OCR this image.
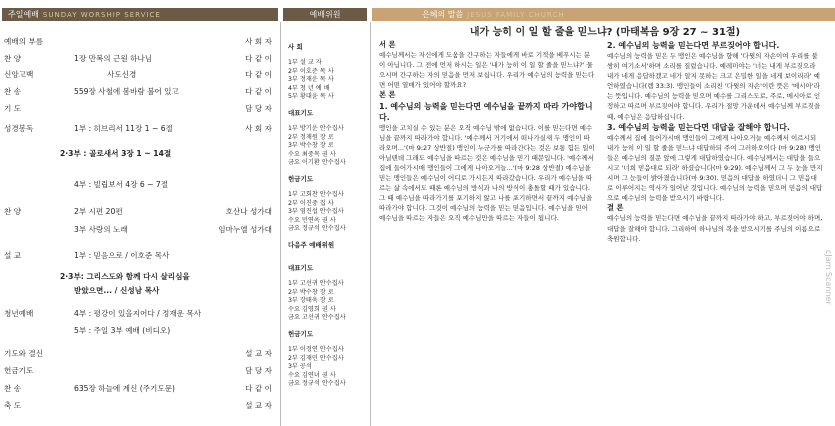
주일예배 SUNDAY WORSHIP SERVICE	예배위원	은혜의 말씀 JESUS FAMILY CHURCH
예배의 부름	사 회 자
찬 양	1장 만복의 근원 하나님	다 같 이
신앙고백	사도신경	다 같 이
찬 송	559장 사철에 봄바람 불어 있고	다 같 이
기 도	담 당 자
성경봉독	1부 : 히브리서 11장 1 ~ 6절	사 회 자
2·3부 : 골로새서 3장 1 ~ 14절
4부 : 빌립보서 4장 6 ~ 7절
찬 양	2부 시편 20편	호산나 성가대
3부 사랑의 노래	임마누엘 성가대
설 교	1부 : 믿음으로 / 이호준 목사
2·3부: 그리스도와 함께 다시 살리심을
받았으면... / 신성남 목사
청년예배	4부 : 평강이 있을지어다 / 정재운 목사
5부 : 주일 3부 예배 (비디오)
기도와 결신	설 교 자
헌금기도	담 당 자
찬 송	635장 하늘에 계신 (주기도문)	다 같 이
축 도	설 교 자
사 회
1부 설 교 자
2부 이호준 목 사
3부 정재운 목 사
4부 청 년 예 배
5부 황대윤 목 사
대표기도
1부 방기운 안수집사
2부 정재원 장 로
3부 박수창 장 로
수요 최중목 권 사
금요 이기환 안수집사
헌금기도
1부 고회찬 안수집사
2부 이진중 집 사
3부 염진섭 안수집사
수요 민연옥 권 사
금요 정규석 안수집사
다음주 예배위원
대표기도
1부 고선귀 안수집사
2부 박수창 장 로
3부 장태욱 장 로
수요 김영희 권 사
금요 고선귀 안수집사
헌금기도
1부 이정연 안수집사
2부 김재민 안수집사
3부 공석
수요 김연녀 권 사
금요 정규석 안수집사
내가 능히 이 일 할 줄을 믿느냐? (마태복음 9장 27 ~ 31절)

서 론

예수님께서는 자신에게 도움을 간구하는 자들에게 바로 기적을 베푸시는 분이 아닙니다. 그 전에 먼저 하시는 일은 '내가 능히 이 일 할 줄을 믿느냐?' 물으시며 간구하는 자의 믿음을 먼저 보십니다. 우리가 예수님의 능력을 믿는다면 어떤 열매가 있어야 할까요?

본 론

1. 예수님의 능력을 믿는다면 예수님을 끝까지 따라 가야합니다.

맹인을 고치실 수 있는 분은 오직 예수님 밖에 없습니다. 이를 믿는다면 예수님을 끝까지 따라가야 합니다. '예수께서 거기에서 떠나가실새 두 맹인이 따라오며...'(마 9:27 상반절) 맹인이 누군가를 따라간다는 것은 보통 힘든 일이 아닐텐데 그래도 예수님을 따르는 것은 예수님을 믿기 때문입니다. '예수께서 집에 들어가시매 맹인들이 그에게 나아오거늘...'(마 9:28 상반절) 예수님을 믿는 맹인들은 예수님이 어디로 가시든지 따라갔습니다. 우리가 예수님을 따르는 삶 속에서도 때론 예수님의 방식과 나의 방식이 충돌할 때가 있습니다. 그 때 예수님을 따라가기를 포기하지 않고 나를 포기하면서 끝까지 예수님을 따라가야 합니다. 그것이 예수님의 능력을 믿는 믿음입니다. 예수님을 믿어 예수님을 따르는 자들은 오직 예수님만을 따르는 자들이 됩니다.

2. 예수님의 능력을 믿는다면 부르짖어야 합니다.

예수님의 능력을 믿은 두 맹인은 예수님을 향해 '다윗의 자손이여 우리를 불쌍히 여기소서'하며 소리를 질렀습니다. 예레미야는 '너는 내게 부르짖으라 내가 네게 응답하겠고 네가 알지 못하는 크고 은밀한 일을 네게 보이리라' 예언하였습니다(렘 33:3). 맹인들이 소리친 '다윗의 자손'이란 뜻은 '메시아'라는 뜻입니다. 예수님의 능력을 믿으며 예수를 그리스도로, 주로, 메시아로 인정하고 따르며 부르짖어야 합니다. 우리가 절망 가운데서 예수님께 부르짖을 때, 예수님은 응답하십니다.

3. 예수님의 능력을 믿는다면 대답을 잘해야 합니다.

예수께서 집에 들어가시매 맹인들이 그에게 나아오거늘 예수께서 이르시되 내가 능히 이 일 할 줄을 믿느냐 대답하되 주여 그러하오이다 (마 9:28) 맹인들은 예수님의 질문 앞에 그렇게 대답하였습니다. 예수님께서는 대답을 들으시고 '너희 믿음대로 되라' 하셨습니다(마 9:29). 예수님께서 그 두 눈을 만지시며 그 눈들이 밝아졌습니다(마 9:30). 믿음의 대답을 하였더니 그 믿음대로 이루어지는 역사가 일어난 것입니다. 예수님의 능력을 믿으며 믿음의 대답으로 예수님의 능력을 받으시기 바랍니다.

결 론

예수님의 능력을 믿는다면 예수님을 끝까지 따라가야 하고, 부르짖어야 하며, 대답을 잘해야 합니다. 그리하여 하나님의 복을 받으시기를 주님의 이름으로 축원합니다.

cJam Scanner
